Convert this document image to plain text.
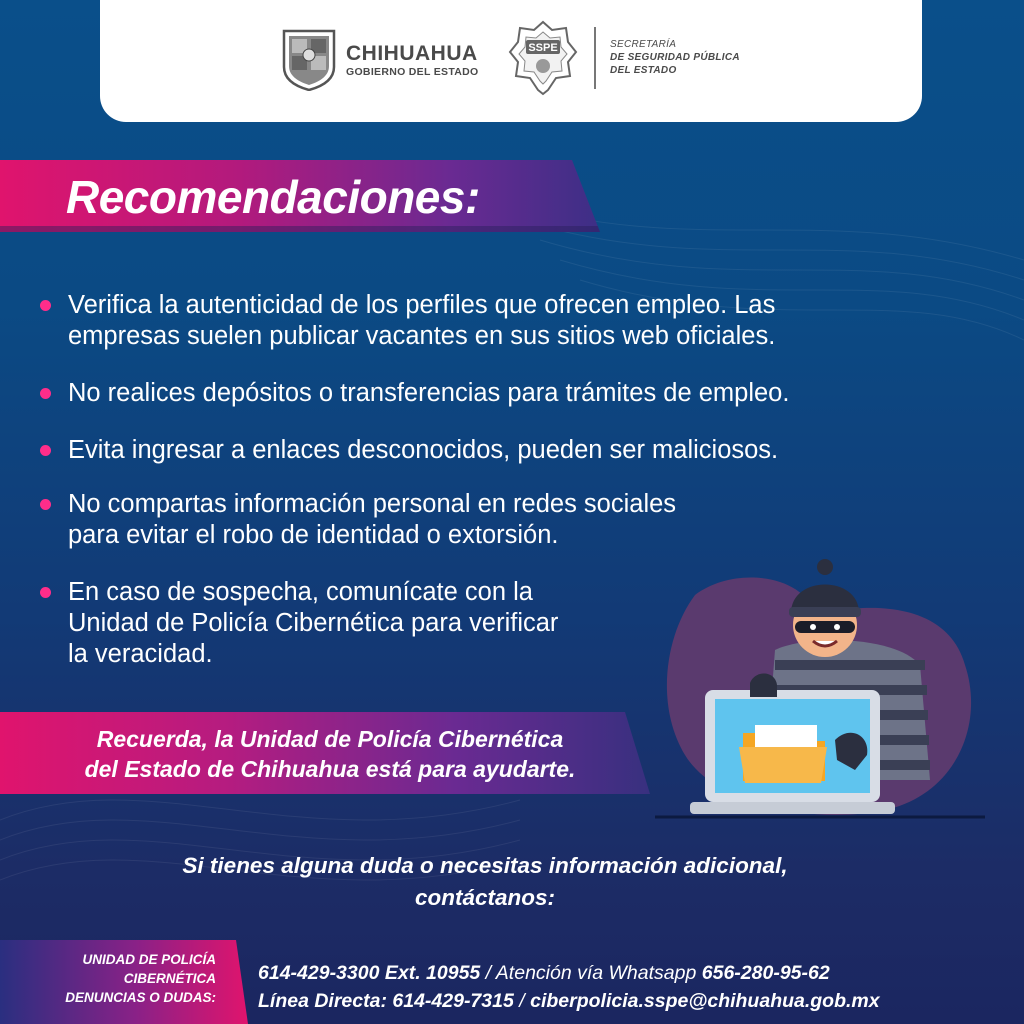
CHIHUAHUA
GOBIERNO DEL ESTADO
SSPE	SECRETARÍA
DE SEGURIDAD PÚBLICA
DEL ESTADO
Recomendaciones:
Verifica la autenticidad de los perfiles que ofrecen empleo. Las
empresas suelen publicar vacantes en sus sitios web oficiales.
No realices depósitos o transferencias para trámites de empleo.
Evita ingresar a enlaces desconocidos, pueden ser maliciosos.
No compartas información personal en redes sociales
para evitar el robo de identidad o extorsión.
En caso de sospecha, comunícate con la
Unidad de Policía Cibernética para verificar
la veracidad.
Recuerda, la Unidad de Policía Cibernética
del Estado de Chihuahua está para ayudarte.
Si tienes alguna duda o necesitas información adicional,
contáctanos:
UNIDAD DE POLICÍA
CIBERNÉTICA
DENUNCIAS O DUDAS:
614-429-3300 Ext. 10955 / Atención vía Whatsapp 656-280-95-62
Línea Directa: 614-429-7315 / ciberpolicia.sspe@chihuahua.gob.mx
